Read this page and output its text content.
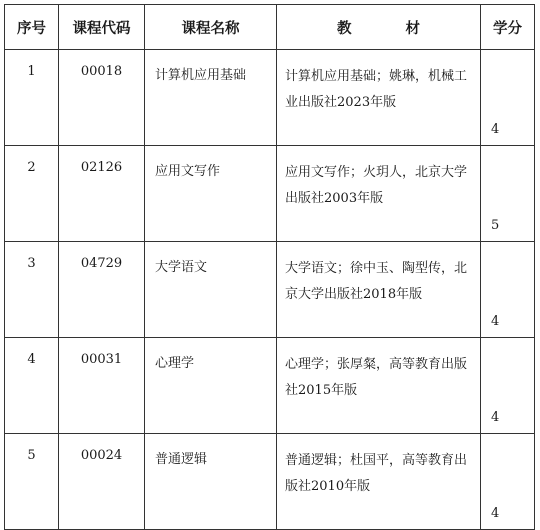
序号	课程代码	课程名称	教 材	学分
1	00018	计算机应用基础	计算机应用基础；姚琳，机械工业出版社2023年版	4
2	02126	应用文写作	应用文写作；火玥人，北京大学出版社2003年版	5
3	04729	大学语文	大学语文；徐中玉、陶型传，北京大学出版社2018年版	4
4	00031	心理学	心理学；张厚粲，高等教育出版社2015年版	4
5	00024	普通逻辑	普通逻辑；杜国平，高等教育出版社2010年版	4
